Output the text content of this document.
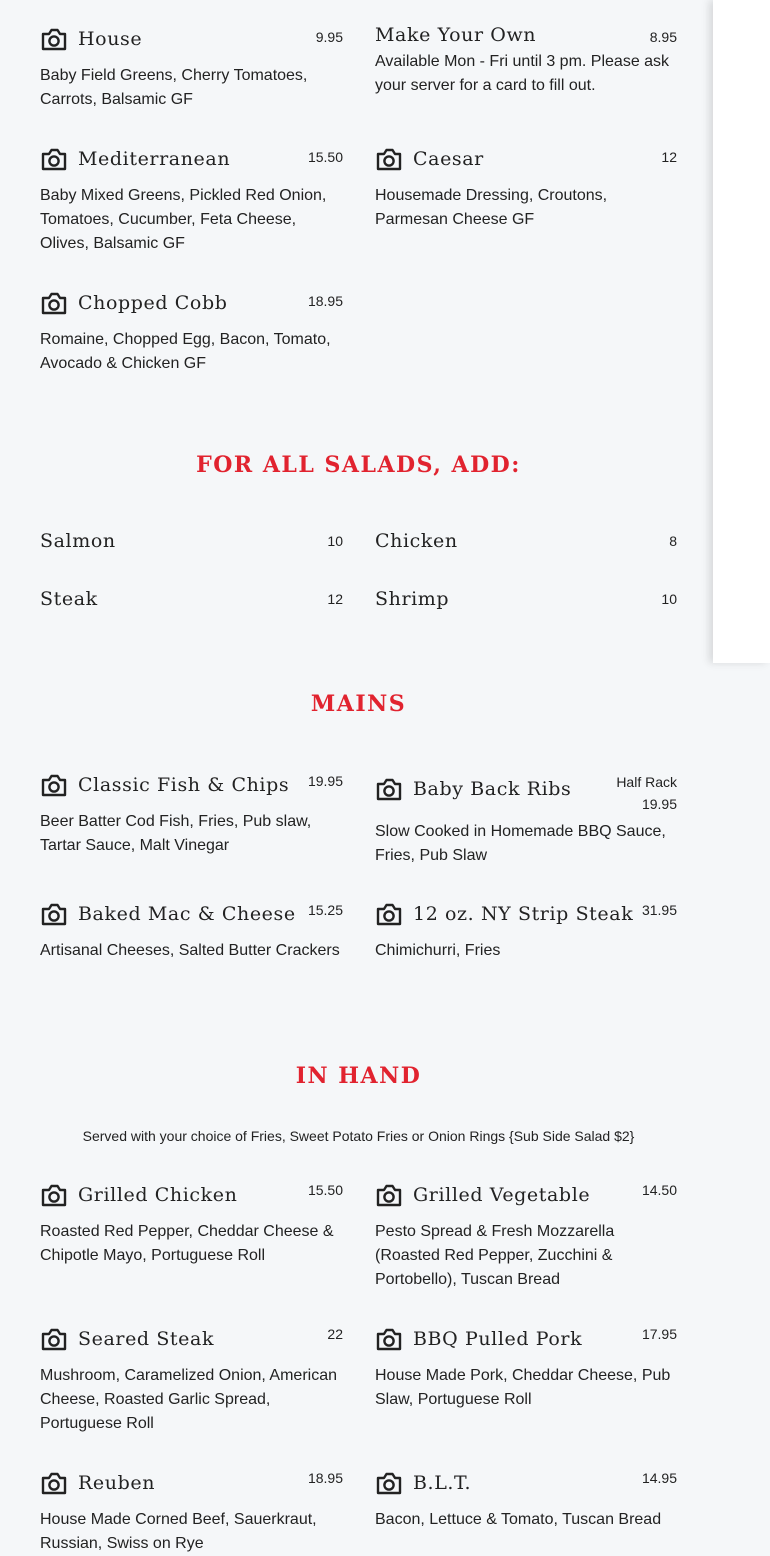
House	9.95
Baby Field Greens, Cherry Tomatoes, Carrots, Balsamic GF
Make Your Own	8.95
Available Mon - Fri until 3 pm. Please ask your server for a card to fill out.
Mediterranean	15.50
Baby Mixed Greens, Pickled Red Onion, Tomatoes, Cucumber, Feta Cheese, Olives, Balsamic GF
Caesar	12
Housemade Dressing, Croutons, Parmesan Cheese GF
Chopped Cobb	18.95
Romaine, Chopped Egg, Bacon, Tomato, Avocado & Chicken GF
FOR ALL SALADS, ADD:
Salmon	10 Chicken	8
Steak	12 Shrimp	10
MAINS
Classic Fish & Chips 19.95
Beer Batter Cod Fish, Fries, Pub slaw, Tartar Sauce, Malt Vinegar
Baby Back Ribs	Half Rack
19.95
Slow Cooked in Homemade BBQ Sauce, Fries, Pub Slaw
Baked Mac & Cheese 15.25
Artisanal Cheeses, Salted Butter Crackers
12 oz. NY Strip Steak 31.95
Chimichurri, Fries
IN HAND
Served with your choice of Fries, Sweet Potato Fries or Onion Rings {Sub Side Salad $2}
Grilled Chicken	15.50
Roasted Red Pepper, Cheddar Cheese & Chipotle Mayo, Portuguese Roll
Grilled Vegetable	14.50
Pesto Spread & Fresh Mozzarella (Roasted Red Pepper, Zucchini & Portobello), Tuscan Bread
Seared Steak	22
Mushroom, Caramelized Onion, American Cheese, Roasted Garlic Spread, Portuguese Roll
BBQ Pulled Pork	17.95
House Made Pork, Cheddar Cheese, Pub Slaw, Portuguese Roll
Reuben	18.95
House Made Corned Beef, Sauerkraut, Russian, Swiss on Rye
B.L.T.	14.95
Bacon, Lettuce & Tomato, Tuscan Bread
